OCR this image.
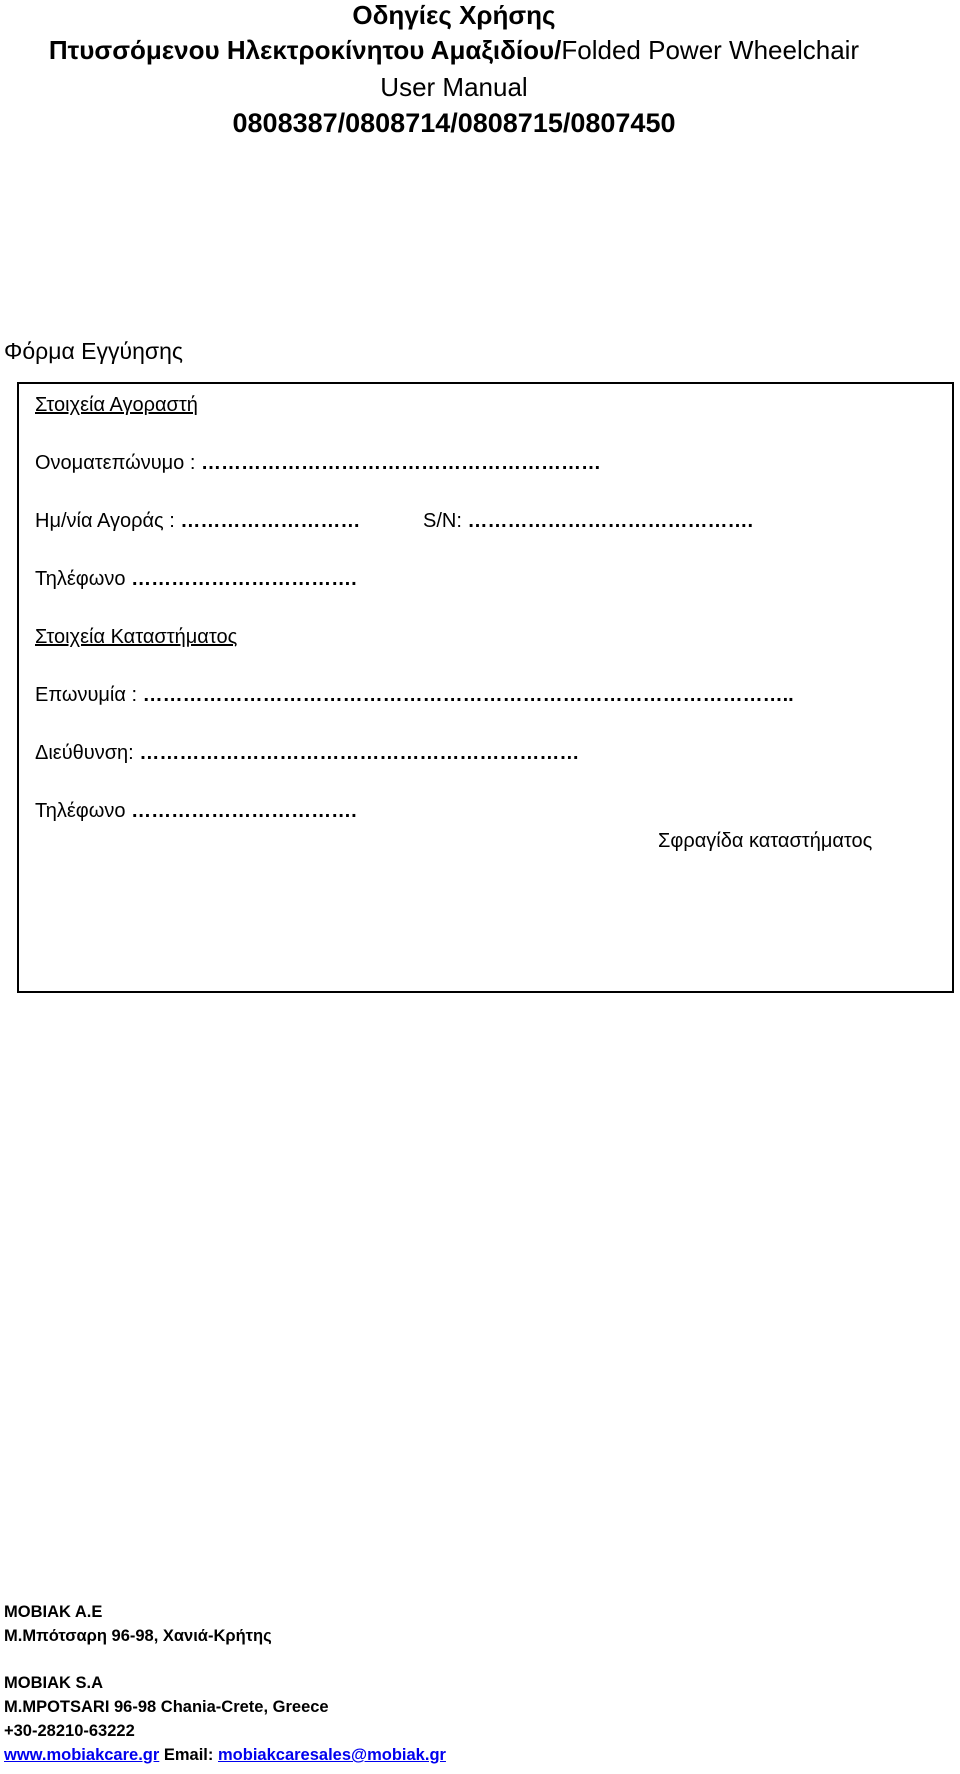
Οδηγίες Χρήσης
Πτυσσόμενου Ηλεκτροκίνητου Αμαξιδίου/Folded Power Wheelchair
User Manual
0808387/0808714/0808715/0807450
Φόρμα Εγγύησης
Στοιχεία Αγοραστή
Ονοματεπώνυμο : ……………………………………………………
Ημ/νία Αγοράς : ………………………	S/N: …………………………………….
Τηλέφωνο …………………………….
Στοιχεία Καταστήματος
Επωνυμία : ……………………………………………………………………………………..
Διεύθυνση: …………………………………………………………
Τηλέφωνο …………………………….
Σφραγίδα καταστήματος
MOBIAK A.E
Μ.Μπότσαρη 96-98, Χανιά-Κρήτης
MOBIAK S.A
M.MPOTSARI 96-98 Chania-Crete, Greece
+30-28210-63222
www.mobiakcare.gr Email: mobiakcaresales@mobiak.gr
